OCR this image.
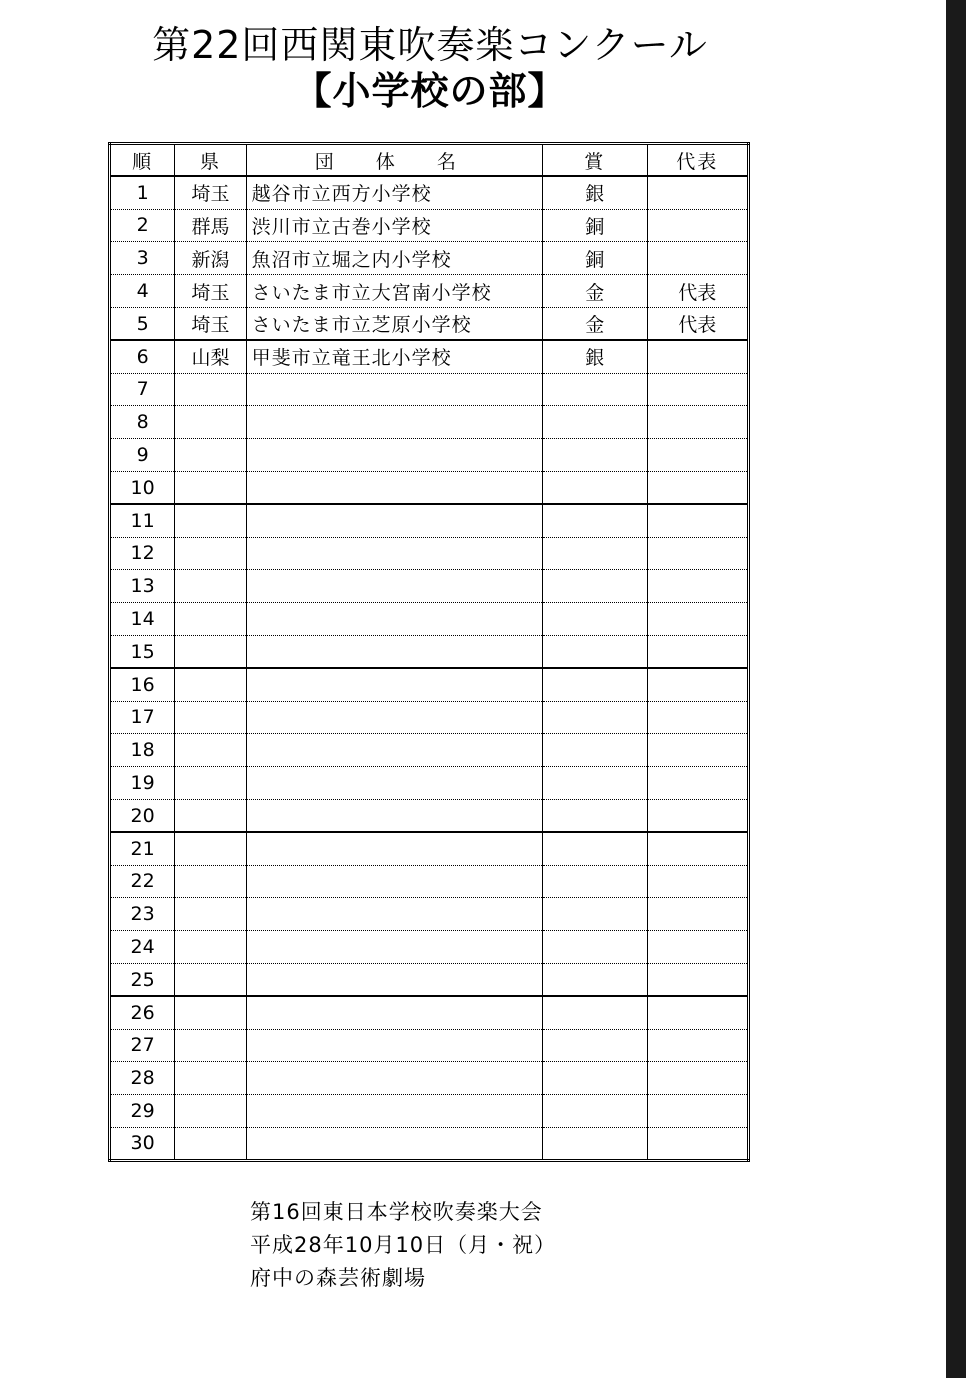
第22回西関東吹奏楽コンクール
【小学校の部】
順	県	団 体 名	賞	代表
1	埼玉	越谷市立西方小学校	銀	
2	群馬	渋川市立古巻小学校	銅	
3	新潟	魚沼市立堀之内小学校	銅	
4	埼玉	さいたま市立大宮南小学校	金	代表
5	埼玉	さいたま市立芝原小学校	金	代表
6	山梨	甲斐市立竜王北小学校	銀	
7				
8				
9				
10				
11				
12				
13				
14				
15				
16				
17				
18				
19				
20				
21				
22				
23				
24				
25				
26				
27				
28				
29				
30				
第16回東日本学校吹奏楽大会
平成28年10月10日（月・祝）
府中の森芸術劇場
